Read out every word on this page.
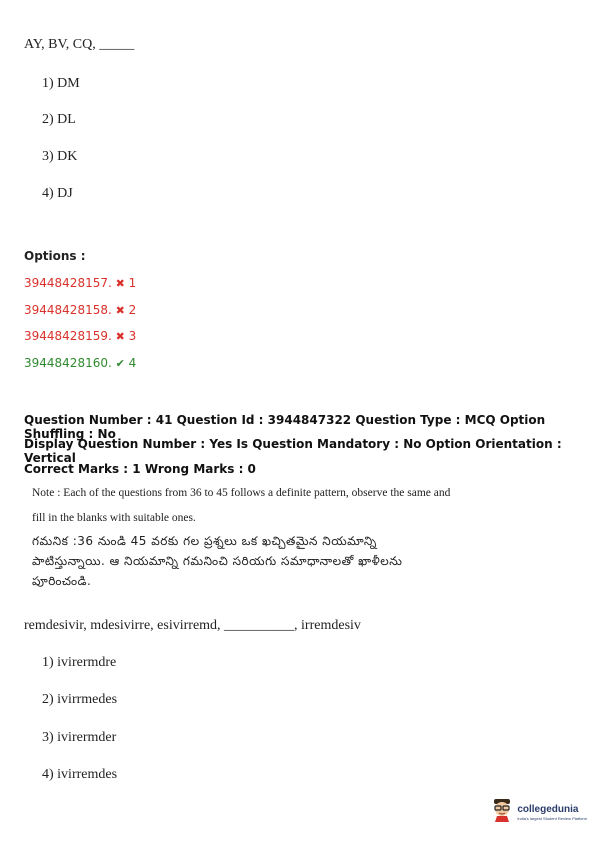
AY, BV, CQ, _____
1) DM
2) DL
3) DK
4) DJ
Options :
39448428157. ✖ 1
39448428158. ✖ 2
39448428159. ✖ 3
39448428160. ✔ 4
Question Number : 41 Question Id : 3944847322 Question Type : MCQ Option Shuffling : No
Display Question Number : Yes Is Question Mandatory : No Option Orientation : Vertical
Correct Marks : 1 Wrong Marks : 0
Note : Each of the questions from 36 to 45 follows a definite pattern, observe the same and
fill in the blanks with suitable ones.
గమనిక :36 నుండి 45 వరకు గల ప్రశ్నలు ఒక ఖచ్చితమైన నియమాన్ని
పాటిస్తున్నాయి. ఆ నియమాన్ని గమనించి సరియగు సమాధానాలతో ఖాళీలను
పూరించండి.
remdesivir, mdesivirre, esivirremd, __________, irremdesiv
1) ivirermdre
2) ivirrmedes
3) ivirermder
4) ivirremdes
collegedunia
India's largest Student Review Platform
